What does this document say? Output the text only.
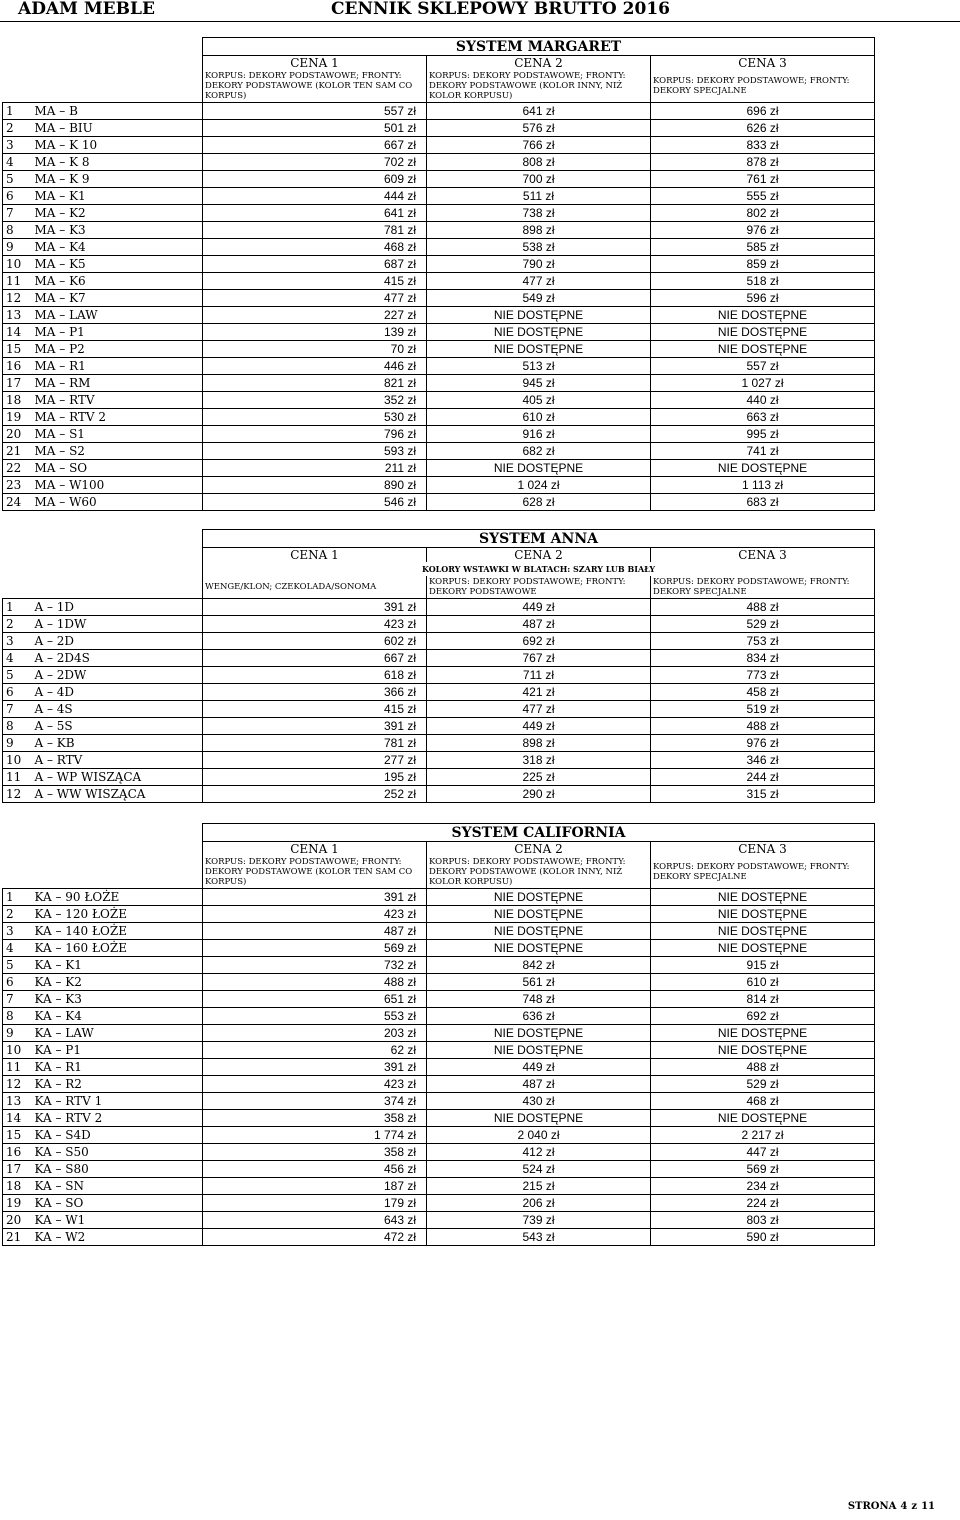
ADAM MEBLE	CENNIK SKLEPOWY BRUTTO 2016
		SYSTEM MARGARET		
		CENA 1	CENA 2	CENA 3
		KORPUS: DEKORY PODSTAWOWE; FRONTY: DEKORY PODSTAWOWE (KOLOR TEN SAM CO KORPUS)	KORPUS: DEKORY PODSTAWOWE; FRONTY: DEKORY PODSTAWOWE (KOLOR INNY, NIŻ KOLOR KORPUSU)	KORPUS: DEKORY PODSTAWOWE; FRONTY: DEKORY SPECJALNE
1	MA – B	557 zł	641 zł	696 zł
2	MA – BIU	501 zł	576 zł	626 zł
3	MA – K 10	667 zł	766 zł	833 zł
4	MA – K 8	702 zł	808 zł	878 zł
5	MA – K 9	609 zł	700 zł	761 zł
6	MA – K1	444 zł	511 zł	555 zł
7	MA – K2	641 zł	738 zł	802 zł
8	MA – K3	781 zł	898 zł	976 zł
9	MA – K4	468 zł	538 zł	585 zł
10	MA – K5	687 zł	790 zł	859 zł
11	MA – K6	415 zł	477 zł	518 zł
12	MA – K7	477 zł	549 zł	596 zł
13	MA – LAW	227 zł	NIE DOSTĘPNE	NIE DOSTĘPNE
14	MA – P1	139 zł	NIE DOSTĘPNE	NIE DOSTĘPNE
15	MA – P2	70 zł	NIE DOSTĘPNE	NIE DOSTĘPNE
16	MA – R1	446 zł	513 zł	557 zł
17	MA – RM	821 zł	945 zł	1 027 zł
18	MA – RTV	352 zł	405 zł	440 zł
19	MA – RTV 2	530 zł	610 zł	663 zł
20	MA – S1	796 zł	916 zł	995 zł
21	MA – S2	593 zł	682 zł	741 zł
22	MA – SO	211 zł	NIE DOSTĘPNE	NIE DOSTĘPNE
23	MA – W100	890 zł	1 024 zł	1 113 zł
24	MA – W60	546 zł	628 zł	683 zł
		SYSTEM ANNA		
		CENA 1	CENA 2	CENA 3
		KOLORY WSTAWKI W BLATACH: SZARY LUB BIAŁY		
		WENGE/KLON; CZEKOLADA/SONOMA	KORPUS: DEKORY PODSTAWOWE; FRONTY: DEKORY PODSTAWOWE	KORPUS: DEKORY PODSTAWOWE; FRONTY: DEKORY SPECJALNE
1	A – 1D	391 zł	449 zł	488 zł
2	A – 1DW	423 zł	487 zł	529 zł
3	A – 2D	602 zł	692 zł	753 zł
4	A – 2D4S	667 zł	767 zł	834 zł
5	A – 2DW	618 zł	711 zł	773 zł
6	A – 4D	366 zł	421 zł	458 zł
7	A – 4S	415 zł	477 zł	519 zł
8	A – 5S	391 zł	449 zł	488 zł
9	A – KB	781 zł	898 zł	976 zł
10	A – RTV	277 zł	318 zł	346 zł
11	A – WP WISZĄCA	195 zł	225 zł	244 zł
12	A – WW WISZĄCA	252 zł	290 zł	315 zł
		SYSTEM CALIFORNIA		
		CENA 1	CENA 2	CENA 3
		KORPUS: DEKORY PODSTAWOWE; FRONTY: DEKORY PODSTAWOWE (KOLOR TEN SAM CO KORPUS)	KORPUS: DEKORY PODSTAWOWE; FRONTY: DEKORY PODSTAWOWE (KOLOR INNY, NIŻ KOLOR KORPUSU)	KORPUS: DEKORY PODSTAWOWE; FRONTY: DEKORY SPECJALNE
1	KA – 90 ŁOŻE	391 zł	NIE DOSTĘPNE	NIE DOSTĘPNE
2	KA – 120 ŁOŻE	423 zł	NIE DOSTĘPNE	NIE DOSTĘPNE
3	KA – 140 ŁOŻE	487 zł	NIE DOSTĘPNE	NIE DOSTĘPNE
4	KA – 160 ŁOŻE	569 zł	NIE DOSTĘPNE	NIE DOSTĘPNE
5	KA – K1	732 zł	842 zł	915 zł
6	KA – K2	488 zł	561 zł	610 zł
7	KA – K3	651 zł	748 zł	814 zł
8	KA – K4	553 zł	636 zł	692 zł
9	KA – LAW	203 zł	NIE DOSTĘPNE	NIE DOSTĘPNE
10	KA – P1	62 zł	NIE DOSTĘPNE	NIE DOSTĘPNE
11	KA – R1	391 zł	449 zł	488 zł
12	KA – R2	423 zł	487 zł	529 zł
13	KA – RTV 1	374 zł	430 zł	468 zł
14	KA – RTV 2	358 zł	NIE DOSTĘPNE	NIE DOSTĘPNE
15	KA – S4D	1 774 zł	2 040 zł	2 217 zł
16	KA – S50	358 zł	412 zł	447 zł
17	KA – S80	456 zł	524 zł	569 zł
18	KA – SN	187 zł	215 zł	234 zł
19	KA – SO	179 zł	206 zł	224 zł
20	KA – W1	643 zł	739 zł	803 zł
21	KA – W2	472 zł	543 zł	590 zł
STRONA 4 z 11
